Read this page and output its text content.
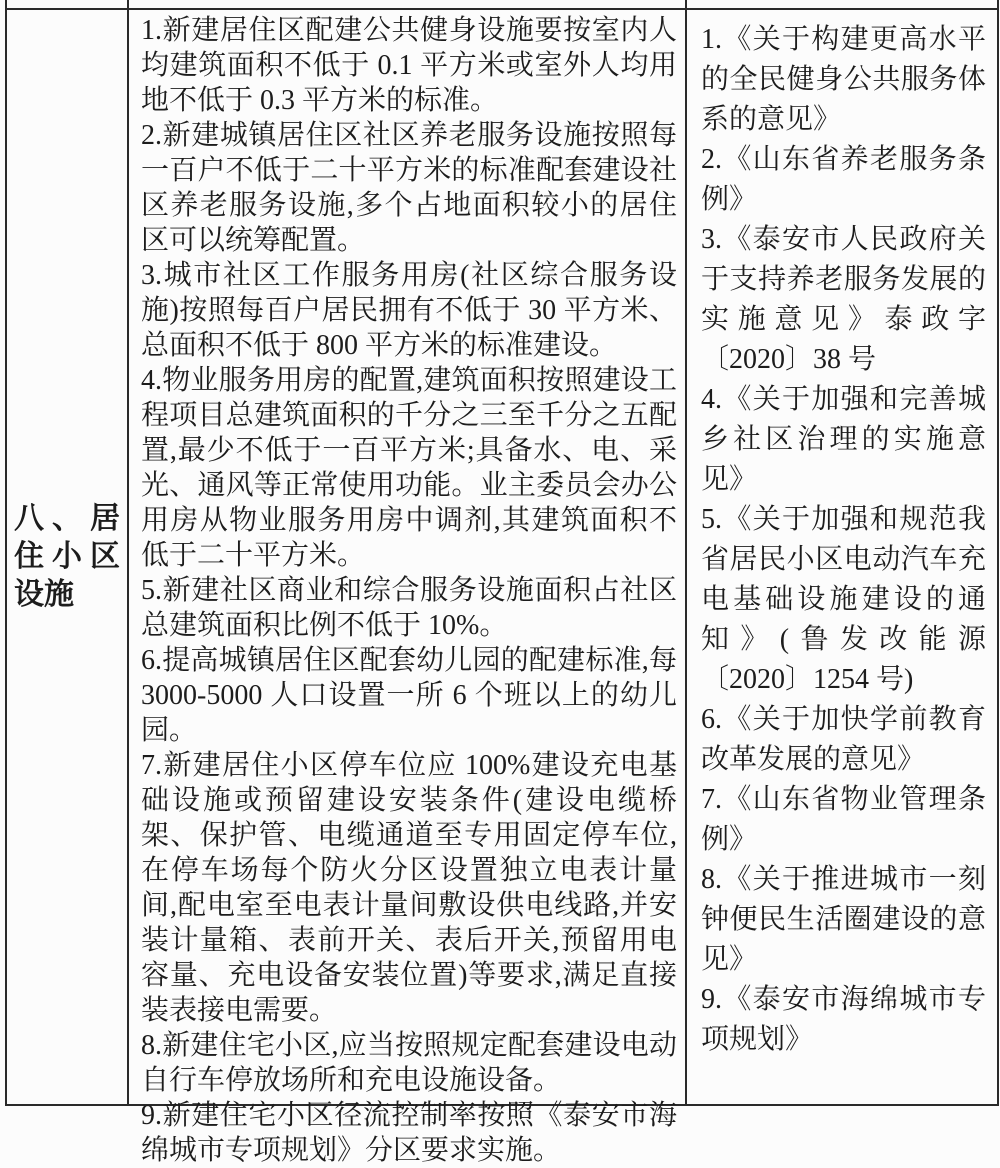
八、居住小区设施

1.新建居住区配建公共健身设施要按室内人均建筑面积不低于 0.1 平方米或室外人均用地不低于 0.3 平方米的标准。

2.新建城镇居住区社区养老服务设施按照每一百户不低于二十平方米的标准配套建设社区养老服务设施,多个占地面积较小的居住区可以统筹配置。

3.城市社区工作服务用房(社区综合服务设施)按照每百户居民拥有不低于 30 平方米、总面积不低于 800 平方米的标准建设。

4.物业服务用房的配置,建筑面积按照建设工程项目总建筑面积的千分之三至千分之五配置,最少不低于一百平方米;具备水、电、采光、通风等正常使用功能。业主委员会办公用房从物业服务用房中调剂,其建筑面积不低于二十平方米。

5.新建社区商业和综合服务设施面积占社区总建筑面积比例不低于 10%。

6.提高城镇居住区配套幼儿园的配建标准,每 3000-5000 人口设置一所 6 个班以上的幼儿园。

7.新建居住小区停车位应 100%建设充电基础设施或预留建设安装条件(建设电缆桥架、保护管、电缆通道至专用固定停车位,在停车场每个防火分区设置独立电表计量间,配电室至电表计量间敷设供电线路,并安装计量箱、表前开关、表后开关,预留用电容量、充电设备安装位置)等要求,满足直接装表接电需要。

8.新建住宅小区,应当按照规定配套建设电动自行车停放场所和充电设施设备。

9.新建住宅小区径流控制率按照《泰安市海绵城市专项规划》分区要求实施。

1.《关于构建更高水平的全民健身公共服务体系的意见》

2.《山东省养老服务条例》

3.《泰安市人民政府关于支持养老服务发展的实施意见》泰政字〔2020〕38 号

4.《关于加强和完善城乡社区治理的实施意见》

5.《关于加强和规范我省居民小区电动汽车充电基础设施建设的通知》(鲁发改能源〔2020〕1254 号)

6.《关于加快学前教育改革发展的意见》

7.《山东省物业管理条例》

8.《关于推进城市一刻钟便民生活圈建设的意见》

9.《泰安市海绵城市专项规划》
